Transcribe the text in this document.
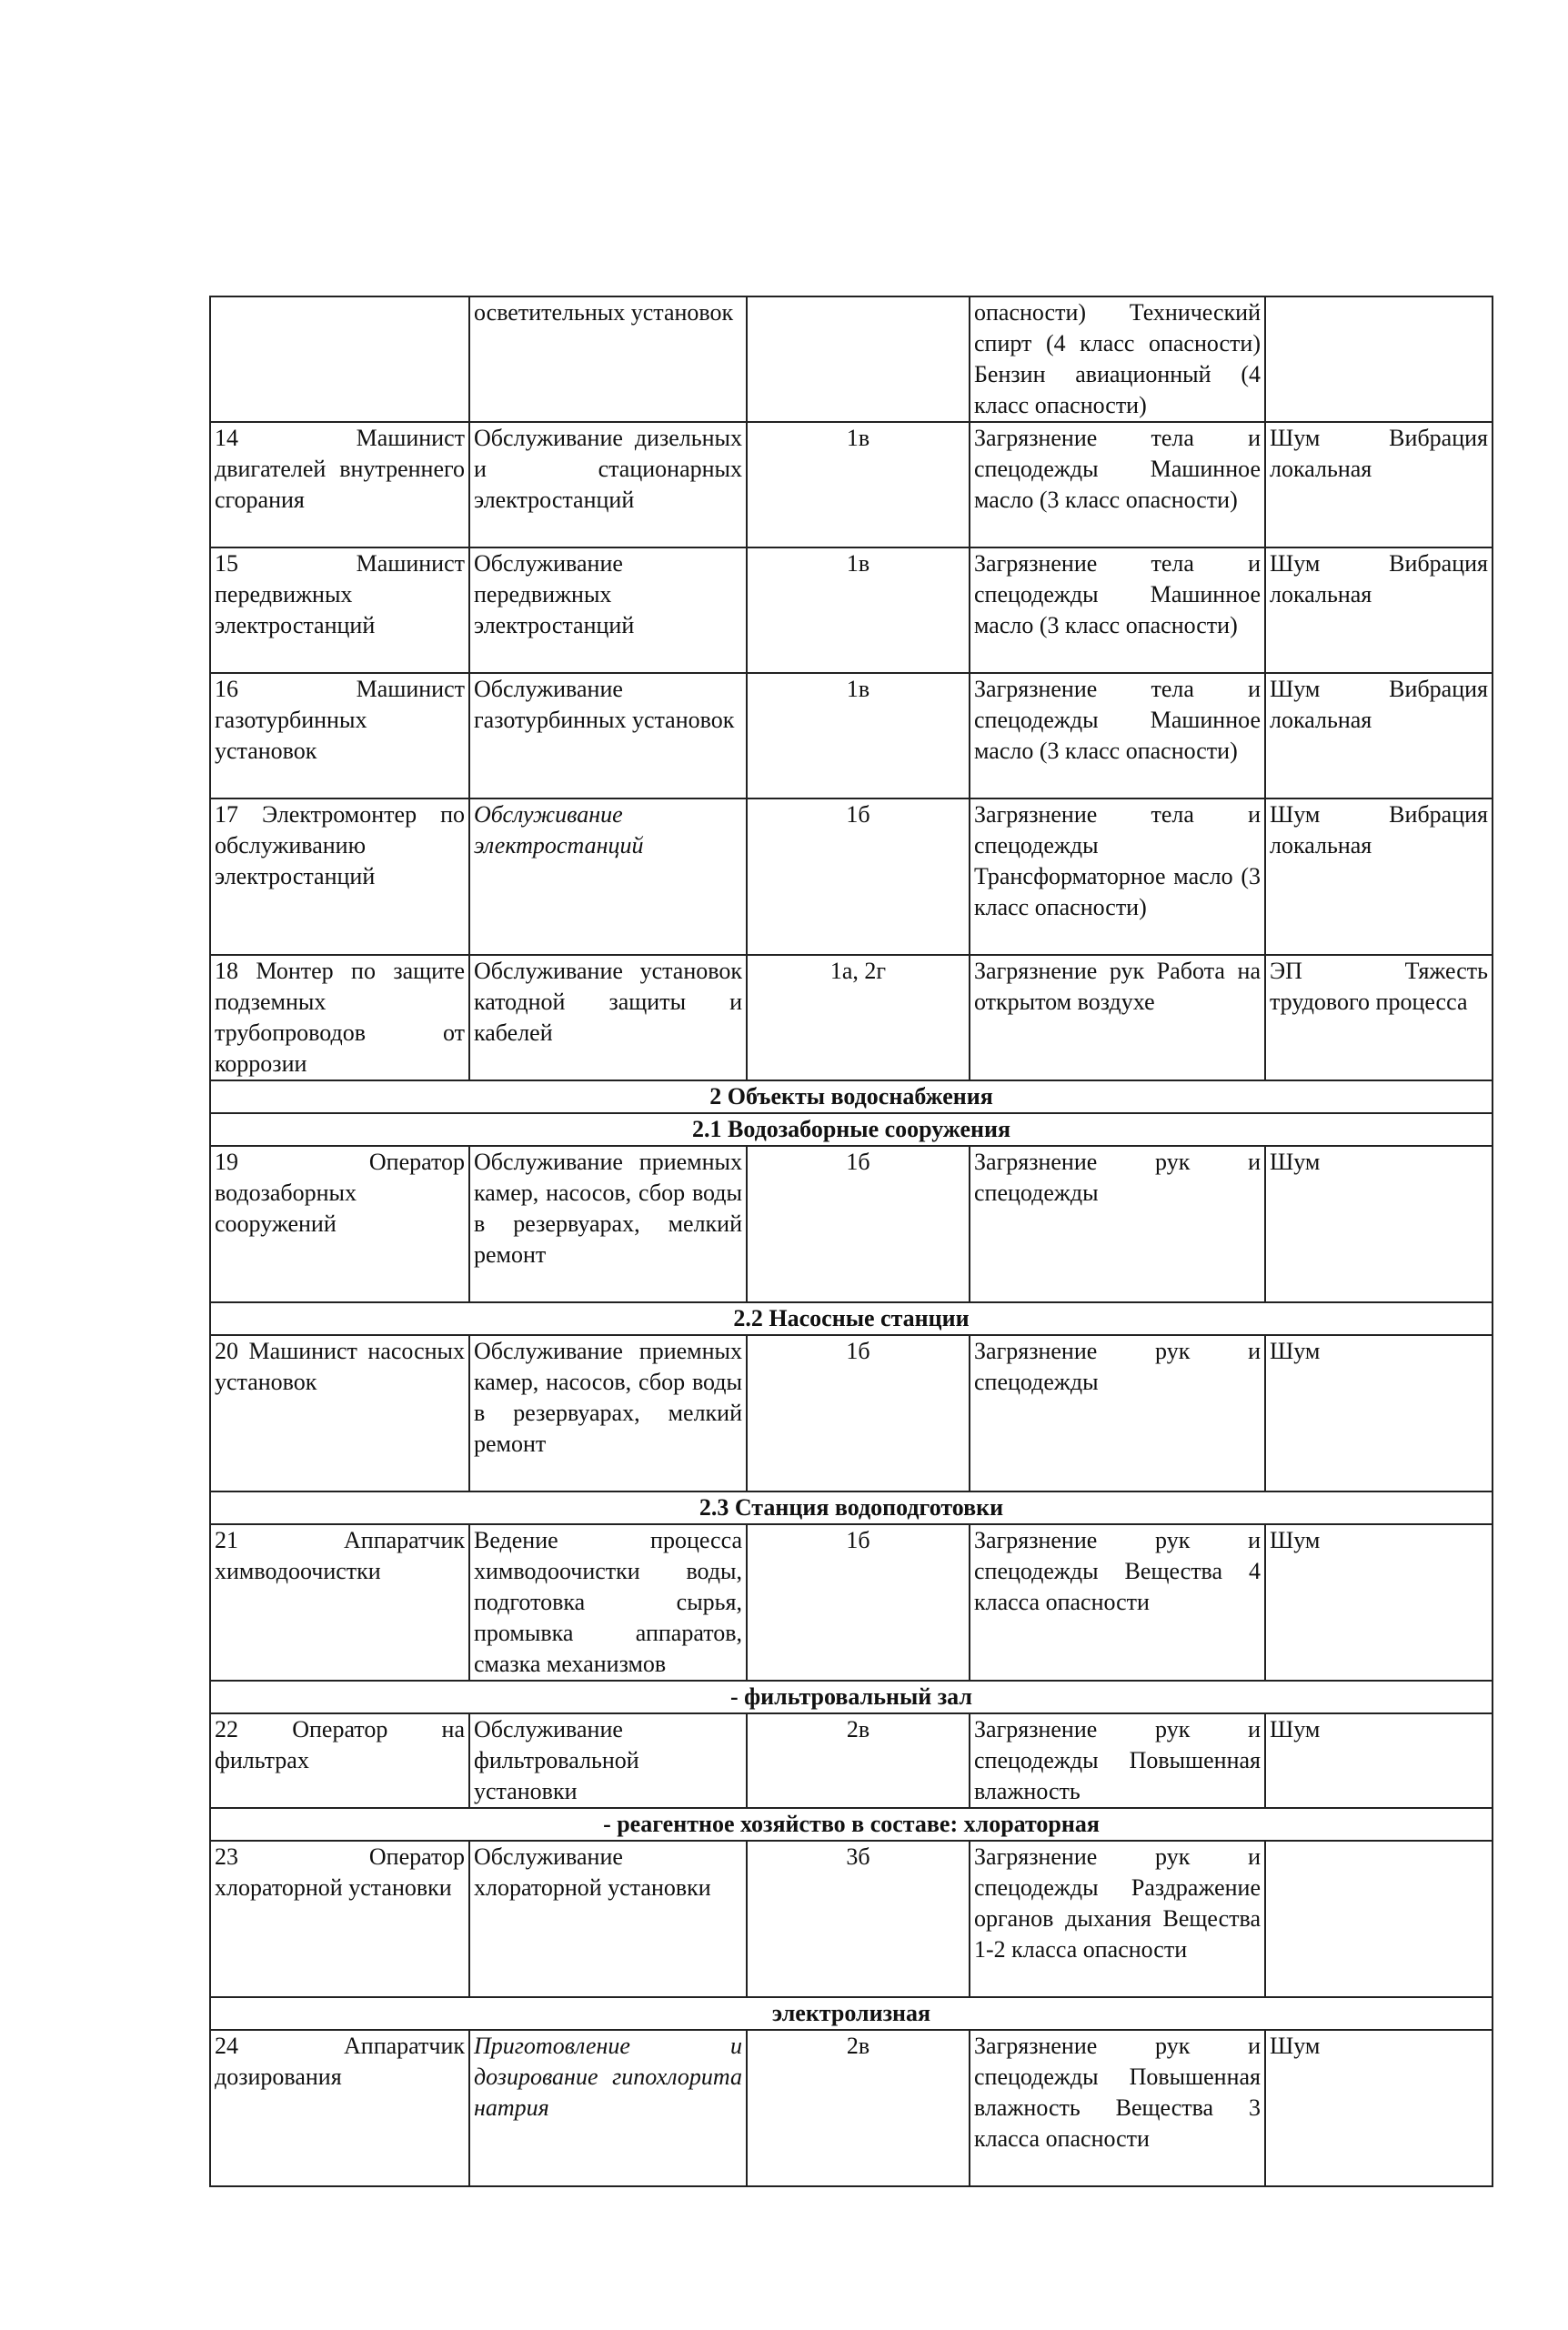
	осветительных установок		опасности) Технический спирт (4 класс опасности) Бензин авиационный (4 класс опасности)	
14 Машинист двигателей внутреннего сгорания	Обслуживание дизельных и стационарных электростанций	1в	Загрязнение тела и спецодежды Машинное масло (3 класс опасности)	Шум Вибрация локальная
15 Машинист передвижных электростанций	Обслуживание передвижных электростанций	1в	Загрязнение тела и спецодежды Машинное масло (3 класс опасности)	Шум Вибрация локальная
16 Машинист газотурбинных установок	Обслуживание газотурбинных установок	1в	Загрязнение тела и спецодежды Машинное масло (3 класс опасности)	Шум Вибрация локальная
17 Электромонтер по обслуживанию электростанций	Обслуживание электростанций	1б	Загрязнение тела и спецодежды Трансформаторное масло (3 класс опасности)	Шум Вибрация локальная
18 Монтер по защите подземных трубопроводов от коррозии	Обслуживание установок катодной защиты и кабелей	1а, 2г	Загрязнение рук Работа на открытом воздухе	ЭП Тяжесть трудового процесса
2 Объекты водоснабжения				
2.1 Водозаборные сооружения				
19 Оператор водозаборных сооружений	Обслуживание приемных камер, насосов, сбор воды в резервуарах, мелкий ремонт	1б	Загрязнение рук и спецодежды	Шум
2.2 Насосные станции				
20 Машинист насосных установок	Обслуживание приемных камер, насосов, сбор воды в резервуарах, мелкий ремонт	1б	Загрязнение рук и спецодежды	Шум
2.3 Станция водоподготовки				
21 Аппаратчик химводоочистки	Ведение процесса химводоочистки воды, подготовка сырья, промывка аппаратов, смазка механизмов	1б	Загрязнение рук и спецодежды Вещества 4 класса опасности	Шум
- фильтровальный зал				
22 Оператор на фильтрах	Обслуживание фильтровальной установки	2в	Загрязнение рук и спецодежды Повышенная влажность	Шум
- реагентное хозяйство в составе: хлораторная				
23 Оператор хлораторной установки	Обслуживание хлораторной установки	3б	Загрязнение рук и спецодежды Раздражение органов дыхания Вещества 1-2 класса опасности	
электролизная				
24 Аппаратчик дозирования	Приготовление и дозирование гипохлорита натрия	2в	Загрязнение рук и спецодежды Повышенная влажность Вещества 3 класса опасности	Шум
